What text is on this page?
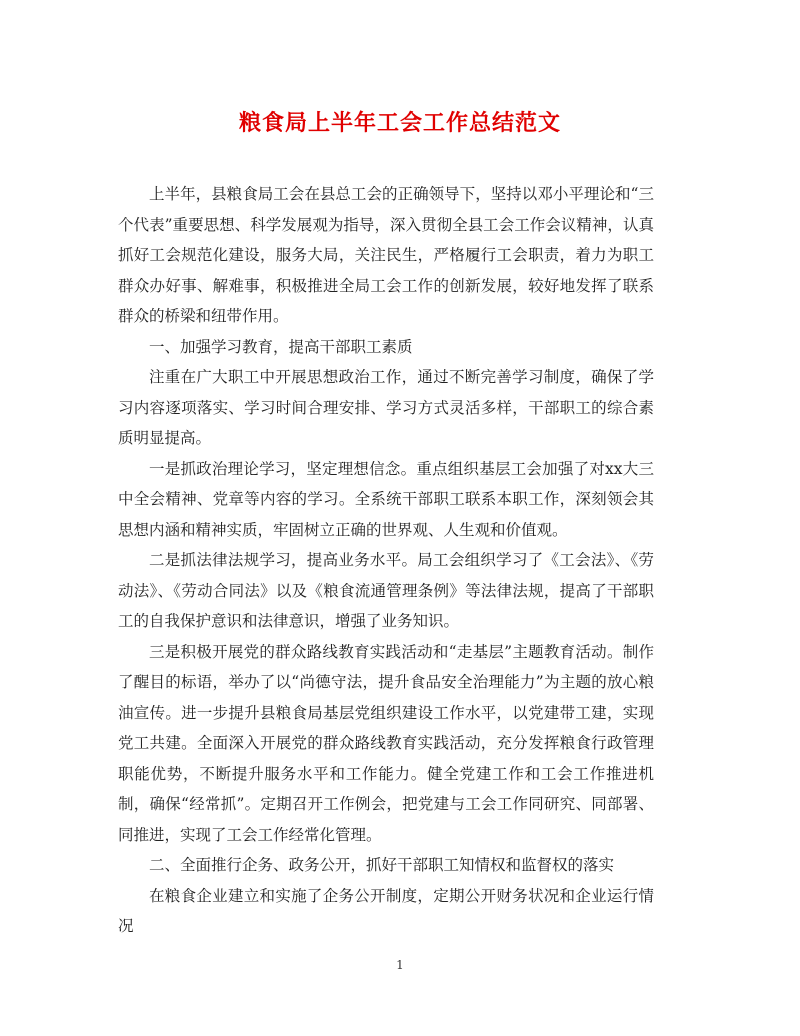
粮食局上半年工会工作总结范文

上半年，县粮食局工会在县总工会的正确领导下，坚持以邓小平理论和“三个代表”重要思想、科学发展观为指导，深入贯彻全县工会工作会议精神，认真抓好工会规范化建设，服务大局，关注民生，严格履行工会职责，着力为职工群众办好事、解难事，积极推进全局工会工作的创新发展，较好地发挥了联系群众的桥梁和纽带作用。

一、加强学习教育，提高干部职工素质

注重在广大职工中开展思想政治工作，通过不断完善学习制度，确保了学习内容逐项落实、学习时间合理安排、学习方式灵活多样，干部职工的综合素质明显提高。

一是抓政治理论学习，坚定理想信念。重点组织基层工会加强了对xx大三中全会精神、党章等内容的学习。全系统干部职工联系本职工作，深刻领会其思想内涵和精神实质，牢固树立正确的世界观、人生观和价值观。

二是抓法律法规学习，提高业务水平。局工会组织学习了《工会法》、《劳动法》、《劳动合同法》以及《粮食流通管理条例》等法律法规，提高了干部职工的自我保护意识和法律意识，增强了业务知识。

三是积极开展党的群众路线教育实践活动和“走基层”主题教育活动。制作了醒目的标语，举办了以“尚德守法，提升食品安全治理能力”为主题的放心粮油宣传。进一步提升县粮食局基层党组织建设工作水平，以党建带工建，实现党工共建。全面深入开展党的群众路线教育实践活动，充分发挥粮食行政管理职能优势，不断提升服务水平和工作能力。健全党建工作和工会工作推进机制，确保“经常抓”。定期召开工作例会，把党建与工会工作同研究、同部署、同推进，实现了工会工作经常化管理。

二、全面推行企务、政务公开，抓好干部职工知情权和监督权的落实

在粮食企业建立和实施了企务公开制度，定期公开财务状况和企业运行情况

1
